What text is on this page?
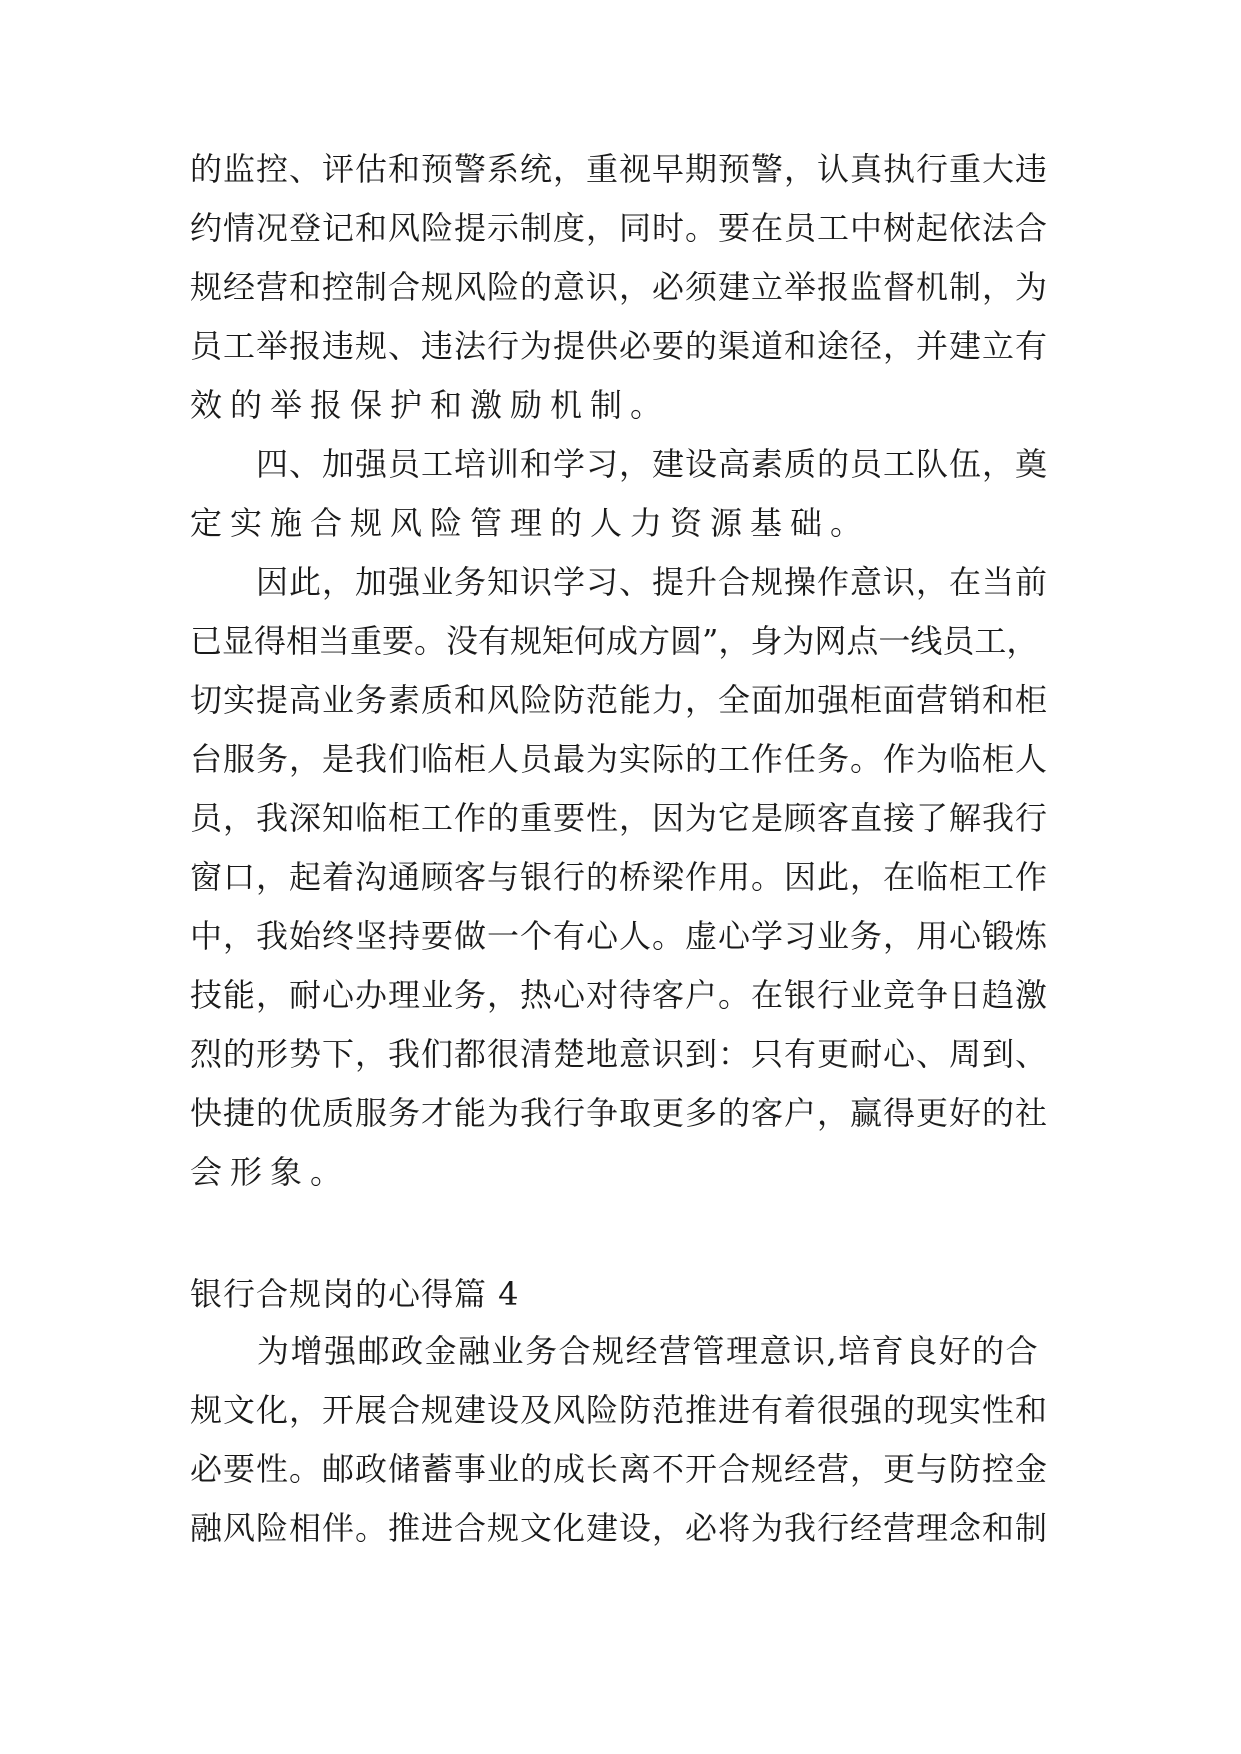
的监控、评估和预警系统，重视早期预警，认真执行重大违
约情况登记和风险提示制度，同时。要在员工中树起依法合
规经营和控制合规风险的意识，必须建立举报监督机制，为
员工举报违规、违法行为提供必要的渠道和途径，并建立有
效的举报保护和激励机制。
　　四、加强员工培训和学习，建设高素质的员工队伍，奠
定实施合规风险管理的人力资源基础。
　　因此，加强业务知识学习、提升合规操作意识，在当前
已显得相当重要。没有规矩何成方圆”，身为网点一线员工，
切实提高业务素质和风险防范能力，全面加强柜面营销和柜
台服务，是我们临柜人员最为实际的工作任务。作为临柜人
员，我深知临柜工作的重要性，因为它是顾客直接了解我行
窗口，起着沟通顾客与银行的桥梁作用。因此，在临柜工作
中，我始终坚持要做一个有心人。虚心学习业务，用心锻炼
技能，耐心办理业务，热心对待客户。在银行业竞争日趋激
烈的形势下，我们都很清楚地意识到：只有更耐心、周到、
快捷的优质服务才能为我行争取更多的客户，赢得更好的社
会形象。
银行合规岗的心得篇 4
　　为增强邮政金融业务合规经营管理意识,培育良好的合
规文化，开展合规建设及风险防范推进有着很强的现实性和
必要性。邮政储蓄事业的成长离不开合规经营，更与防控金
融风险相伴。推进合规文化建设，必将为我行经营理念和制
